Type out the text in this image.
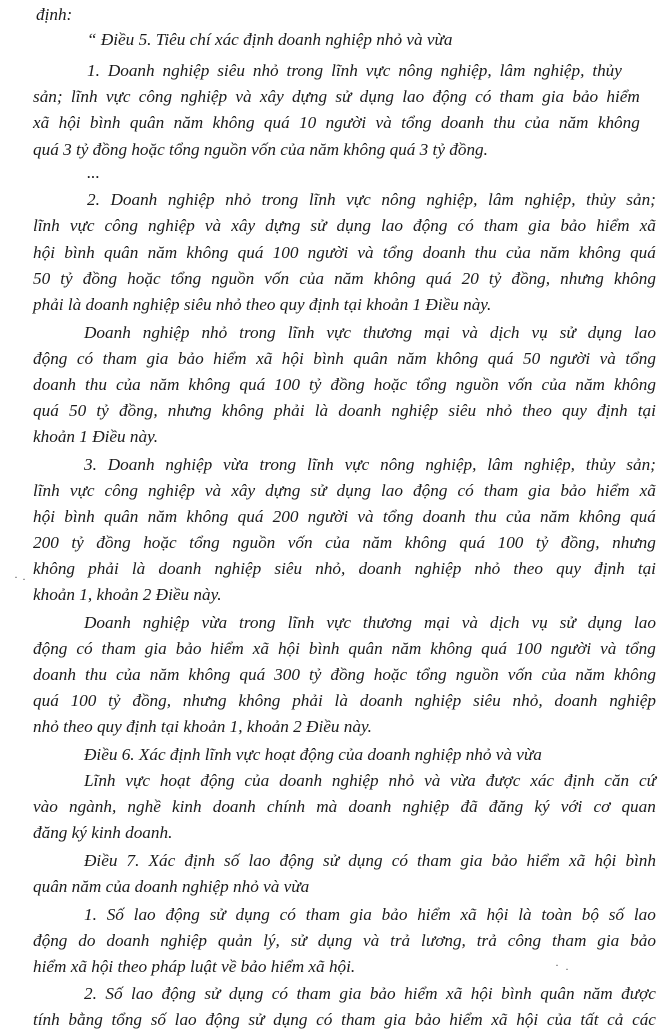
định:
“ Điều 5. Tiêu chí xác định doanh nghiệp nhỏ và vừa
1. Doanh nghiệp siêu nhỏ trong lĩnh vực nông nghiệp, lâm nghiệp, thủy
sản; lĩnh vực công nghiệp và xây dựng sử dụng lao động có tham gia bảo hiểm
xã hội bình quân năm không quá 10 người và tổng doanh thu của năm không
quá 3 tỷ đồng hoặc tổng nguồn vốn của năm không quá 3 tỷ đồng.
...
2. Doanh nghiệp nhỏ trong lĩnh vực nông nghiệp, lâm nghiệp, thủy sản;
lĩnh vực công nghiệp và xây dựng sử dụng lao động có tham gia bảo hiểm xã
hội bình quân năm không quá 100 người và tổng doanh thu của năm không quá
50 tỷ đồng hoặc tổng nguồn vốn của năm không quá 20 tỷ đồng, nhưng không
phải là doanh nghiệp siêu nhỏ theo quy định tại khoản 1 Điều này.
Doanh nghiệp nhỏ trong lĩnh vực thương mại và dịch vụ sử dụng lao
động có tham gia bảo hiểm xã hội bình quân năm không quá 50 người và tổng
doanh thu của năm không quá 100 tỷ đồng hoặc tổng nguồn vốn của năm không
quá 50 tỷ đồng, nhưng không phải là doanh nghiệp siêu nhỏ theo quy định tại
khoản 1 Điều này.
3. Doanh nghiệp vừa trong lĩnh vực nông nghiệp, lâm nghiệp, thủy sản;
lĩnh vực công nghiệp và xây dựng sử dụng lao động có tham gia bảo hiểm xã
hội bình quân năm không quá 200 người và tổng doanh thu của năm không quá
200 tỷ đồng hoặc tổng nguồn vốn của năm không quá 100 tỷ đồng, nhưng
không phải là doanh nghiệp siêu nhỏ, doanh nghiệp nhỏ theo quy định tại
khoản 1, khoản 2 Điều này.
Doanh nghiệp vừa trong lĩnh vực thương mại và dịch vụ sử dụng lao
động có tham gia bảo hiểm xã hội bình quân năm không quá 100 người và tổng
doanh thu của năm không quá 300 tỷ đồng hoặc tổng nguồn vốn của năm không
quá 100 tỷ đồng, nhưng không phải là doanh nghiệp siêu nhỏ, doanh nghiệp
nhỏ theo quy định tại khoản 1, khoản 2 Điều này.
Điều 6. Xác định lĩnh vực hoạt động của doanh nghiệp nhỏ và vừa
Lĩnh vực hoạt động của doanh nghiệp nhỏ và vừa được xác định căn cứ
vào ngành, nghề kinh doanh chính mà doanh nghiệp đã đăng ký với cơ quan
đăng ký kinh doanh.
Điều 7. Xác định số lao động sử dụng có tham gia bảo hiểm xã hội bình
quân năm của doanh nghiệp nhỏ và vừa
1. Số lao động sử dụng có tham gia bảo hiểm xã hội là toàn bộ số lao
động do doanh nghiệp quản lý, sử dụng và trả lương, trả công tham gia bảo
hiểm xã hội theo pháp luật về bảo hiểm xã hội.
2. Số lao động sử dụng có tham gia bảo hiểm xã hội bình quân năm được
tính bằng tổng số lao động sử dụng có tham gia bảo hiểm xã hội của tất cả các
· ·
· ·
